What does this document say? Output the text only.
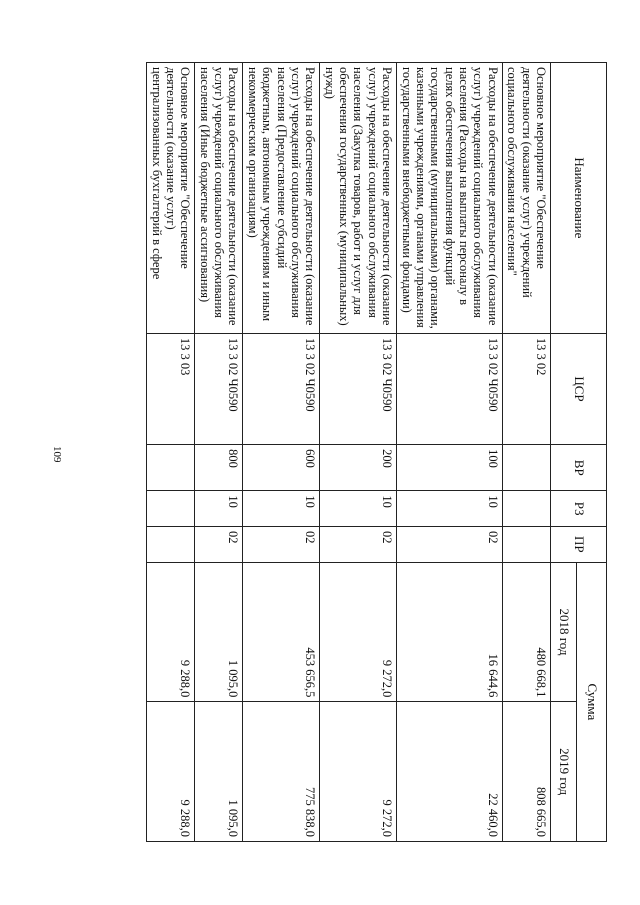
109
Наименование	ЦСР	ВР	РЗ	ПР	Сумма	
					2018 год	2019 год
Основное мероприятие "Обеспечение деятельности (оказание услуг) учреждений социального обслуживания населения"	13 3 02				480 668,1	808 665,0
Расходы на обеспечение деятельности (оказание услуг) учреждений социального обслуживания населения (Расходы на выплаты персоналу в целях обеспечения выполнения функций государственными (муниципальными) органами, казенными учреждениями, органами управления государственными внебюджетными фондами)	13 3 02 Ч0590	100	10	02	16 644,6	22 460,0
Расходы на обеспечение деятельности (оказание услуг) учреждений социального обслуживания населения (Закупка товаров, работ и услуг для обеспечения государственных (муниципальных) нужд)	13 3 02 Ч0590	200	10	02	9 272,0	9 272,0
Расходы на обеспечение деятельности (оказание услуг) учреждений социального обслуживания населения (Предоставление субсидий бюджетным, автономным учреждениям и иным некоммерческим организациям)	13 3 02 Ч0590	600	10	02	453 656,5	775 838,0
Расходы на обеспечение деятельности (оказание услуг) учреждений социального обслуживания населения (Иные бюджетные ассигнования)	13 3 02 Ч0590	800	10	02	1 095,0	1 095,0
Основное мероприятие "Обеспечение деятельности (оказание услуг) централизованных бухгалтерий в сфере	13 3 03				9 288,0	9 288,0
